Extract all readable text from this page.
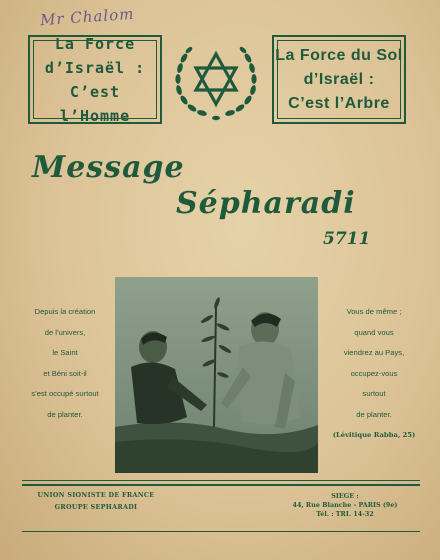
Mr Chalom
La Force
d’Israël :
C’est l’Homme
La Force du Sol
d’Israël :
C’est l’Arbre
Message
Sépharadi
5711
Depuis la création
de l’univers,
le Saint
et Béni soit-il
s’est occupé surtout
de planter.
Vous de même ;
quand vous
viendrez au Pays,
occupez-vous
surtout
de planter.
(Lévitique Rabba, 25)
UNION SIONISTE DE FRANCE
GROUPE SEPHARADI
SIEGE :
44, Rue Blanche - PARIS (9e)
Tél. : TRI. 14-32
